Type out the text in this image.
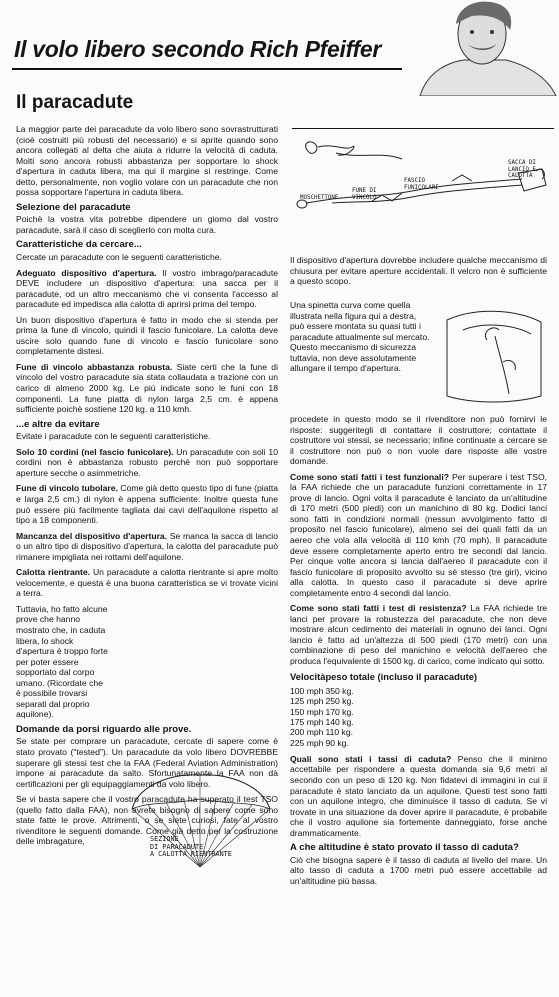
Il volo libero secondo Rich Pfeiffer
Il paracadute

La maggior parte dei paracadute da volo libero sono sovrastrutturati (cioè costruiti più robusti del necessario) e si aprite quando sono ancora collegati al delta che aiuta a ridurre la velocità di caduta. Molti sono ancora robusti abbastanza per sopportare lo shock d'apertura in caduta libera, ma qui il margine si restringe. Come detto, personalmente, non voglio volare con un paracadute che non possa sopportare l'apertura in caduta libera.

Selezione del paracadute

Poichè la vostra vita potrebbe dipendere un giorno dal vostro paracadute, sarà il caso di sceglierlo con molta cura.

Caratteristiche da cercare...

Cercate un paracadute con le seguenti caratteristiche.

Adeguato dispositivo d'apertura. Il vostro imbrago/paracadute DEVE includere un dispositivo d'apertura: una sacca per il paracadute, od un altro meccanismo che vi consenta l'accesso al paracadute ed impedisca alla calotta di aprirsi prima del tempo.

Un buon dispositivo d'apertura è fatto in modo che si stenda per prima la fune di vincolo, quindi il fascio funicolare. La calotta deve uscire solo quando fune di vincolo e fascio funicolare sono completamente distesi.

Fune di vincolo abbastanza robusta. Siate certi che la fune di vincolo del vostro paracadute sia stata collaudata a trazione con un carico di almeno 2000 kg. Le più indicate sono le funi con 18 componenti. La fune piatta di nylon larga 2,5 cm. è appena sufficiente poichè sostiene 120 kg. a 110 kmh.

...e altre da evitare

Evitate i paracadute con le seguenti caratteristiche.

Solo 10 cordini (nel fascio funicolare). Un paracadute con soli 10 cordini non è abbastanza robusto perchè non può sopportare aperture secche o asimmetriche.

Fune di vincolo tubolare. Come già detto questo tipo di fune (piatta e larga 2,5 cm.) di nylon è appena sufficiente. Inoltre questa fune può essere più facilmente tagliata dai cavi dell'aquilone rispetto al tipo a 18 componenti.

Mancanza del dispositivo d'apertura. Se manca la sacca di lancio o un altro tipo di dispositivo d'apertura, la calotta del paracadute può rimanere impigliata nei rottami dell'aquilone.

Calotta rientrante. Un paracadute a calotta rientrante si apre molto velocemente, e questa è una buona caratteristica se vi trovate vicini a terra.

Tuttavia, ho fatto alcune prove che hanno mostrato che, in caduta libera, lo shock d'apertura è troppo forte per poter essere sopportato dal corpo umano. (Ricordate che è possibile trovarsi separati dal proprio aquilone).

Domande da porsi riguardo alle prove.

Se state per comprare un paracadute, cercate di sapere come è stato provato ("tested"). Un paracadute da volo libero DOVREBBE superare gli stessi test che la FAA (Federal Aviation Administration) impone ai paracadute da salto. Sfortunatamente la FAA non dà certificazioni per gli equipaggiamenti da volo libero.

Se vi basta sapere che il vostro paracadute ha superato il test TSO (quello fatto dalla FAA), non avrete bisogno di sapere come sono state fatte le prove. Altrimenti, o se siete curiosi, fate al vostro rivenditore le seguenti domande. Come già detto per la costruzione delle imbragature,	SEZIONE
DI PARACADUTE
A CALOTTA RIENTRANTE
MOSCHETTONE
FUNE DI VINCOLO
FASCIO FUNICOLARE
SACCA DI LANCIO E CALOTTA

Il dispositivo d'apertura dovrebbe includere qualche meccanismo di chiusura per evitare aperture accidentali. Il velcro non è sufficiente a questo scopo.

Una spinetta curva come quella illustrata nella figura qui a destra, può essere montata su quasi tutti i paracadute attualmente sul mercato. Questo meccanismo di sicurezza tuttavia, non deve assolutamente allungare il tempo d'apertura.

procedete in questo modo se il rivenditore non può fornirvi le risposte: suggeritegli di contattare il costruttore; contattate il costruttore voi stessi, se necessario; infine continuate a cercare se il costruttore non può o non vuole dare risposte alle vostre domande.

Come sono stati fatti i test funzionali? Per superare i test TSO, la FAA richiede che un paracadute funzioni correttamente in 17 prove di lancio. Ogni volta il paracadute è lanciato da un'altitudine di 170 metri (500 piedi) con un manichino di 80 kg. Dodici lanci sono fatti in condizioni normali (nessun avvolgimento fatto di proposito nel fascio funicolare), almeno sei dei quali fatti da un aereo che vola alla velocità di 110 kmh (70 mph). Il paracadute deve essere completamente aperto entro tre secondi dal lancio. Per cinque volte ancora si lancia dall'aereo il paracadute con il fascio funicolare di proposito avvolto su sè stesso (tre giri), vicino alla calotta. In questo caso il paracadute si deve aprire completamente entro 4 secondi dal lancio.

Come sono stati fatti i test di resistenza? La FAA richiede tre lanci per provare la robustezza del paracadute, che non deve mostrare alcun cedimento dei materiali in ognuno dei lanci. Ogni lancio è fatto ad un'altezza di 500 piedi (170 metri) con una combinazione di peso del manichino e velocità dell'aereo che produca l'equivalente di 1500 kg. di carico, come indicato qui sotto.

Velocità	peso totale (incluso il paracadute)
100 mph	350 kg.
125 mph	250 kg.
150 mph	170 kg.
175 mph	140 kg.
200 mph	110 kg.
225 mph	90 kg.

Quali sono stati i tassi di caduta? Penso che il minimo accettabile per rispondere a questa domanda sia 9,6 metri al secondo con un peso di 120 kg. Non fidatevi di immagini in cui il paracadute è stato lanciato da un aquilone. Questi test sono fatti con un aquilone integro, che diminuisce il tasso di caduta. Se vi trovate in una situazione da dover aprire il paracadute, è probabile che il vostro aquilone sia fortemente danneggiato, forse anche drammaticamente.

A che altitudine è stato provato il tasso di caduta?

Ciò che bisogna sapere è il tasso di caduta al livello del mare. Un alto tasso di caduta a 1700 metri può essere accettabile ad un'altitudine più bassa.
